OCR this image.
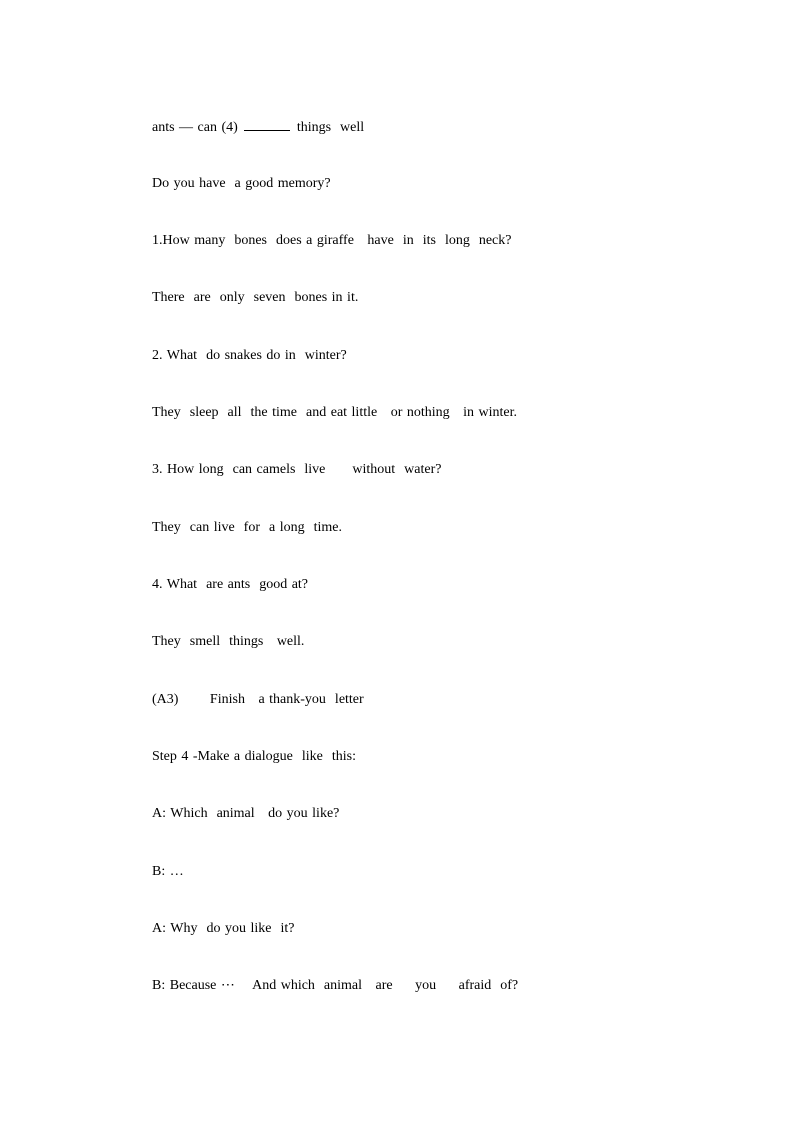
ants — can (4)	things  well
Do you have  a good memory?
1.How many  bones  does a giraffe   have  in  its  long  neck?
There  are  only  seven  bones in it.
2. What  do snakes do in  winter?
They  sleep  all  the time  and eat little   or nothing   in winter.
3. How long  can camels  live      without  water?
They  can live  for  a long  time.
4. What  are ants  good at?
They  smell  things   well.
(A3)       Finish   a thank-you  letter
Step 4 -Make a dialogue  like  this:
A: Which  animal   do you like?
B: …
A: Why  do you like  it?
B: Because ⋯    And which  animal   are     you     afraid  of?
